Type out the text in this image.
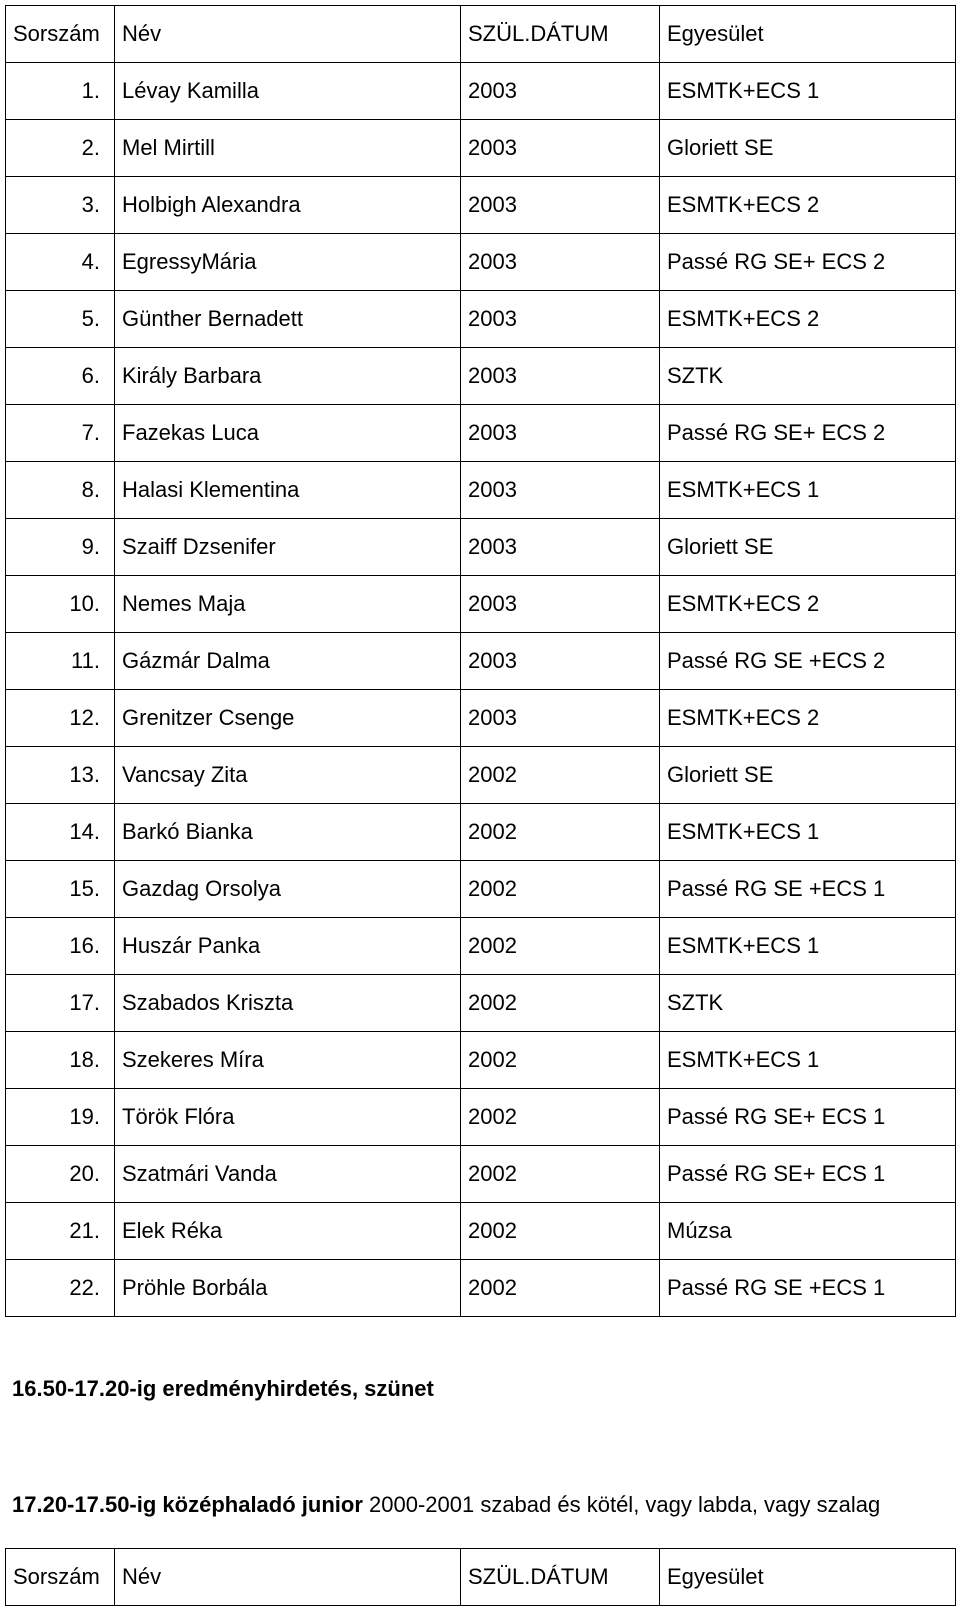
Sorszám	Név	SZÜL.DÁTUM	Egyesület
1.	Lévay Kamilla	2003	ESMTK+ECS 1
2.	Mel Mirtill	2003	Gloriett SE
3.	Holbigh Alexandra	2003	ESMTK+ECS 2
4.	EgressyMária	2003	Passé RG SE+ ECS 2
5.	Günther Bernadett	2003	ESMTK+ECS 2
6.	Király Barbara	2003	SZTK
7.	Fazekas Luca	2003	Passé RG SE+ ECS 2
8.	Halasi Klementina	2003	ESMTK+ECS 1
9.	Szaiff Dzsenifer	2003	Gloriett SE
10.	Nemes Maja	2003	ESMTK+ECS 2
11.	Gázmár Dalma	2003	Passé RG SE +ECS 2
12.	Grenitzer Csenge	2003	ESMTK+ECS 2
13.	Vancsay Zita	2002	Gloriett SE
14.	Barkó Bianka	2002	ESMTK+ECS 1
15.	Gazdag Orsolya	2002	Passé RG SE +ECS 1
16.	Huszár Panka	2002	ESMTK+ECS 1
17.	Szabados Kriszta	2002	SZTK
18.	Szekeres Míra	2002	ESMTK+ECS 1
19.	Török Flóra	2002	Passé RG SE+ ECS 1
20.	Szatmári Vanda	2002	Passé RG SE+ ECS 1
21.	Elek Réka	2002	Múzsa
22.	Pröhle Borbála	2002	Passé RG SE +ECS 1
16.50-17.20-ig eredményhirdetés, szünet
17.20-17.50-ig középhaladó junior 2000-2001 szabad és kötél, vagy labda, vagy szalag
Sorszám	Név	SZÜL.DÁTUM	Egyesület
